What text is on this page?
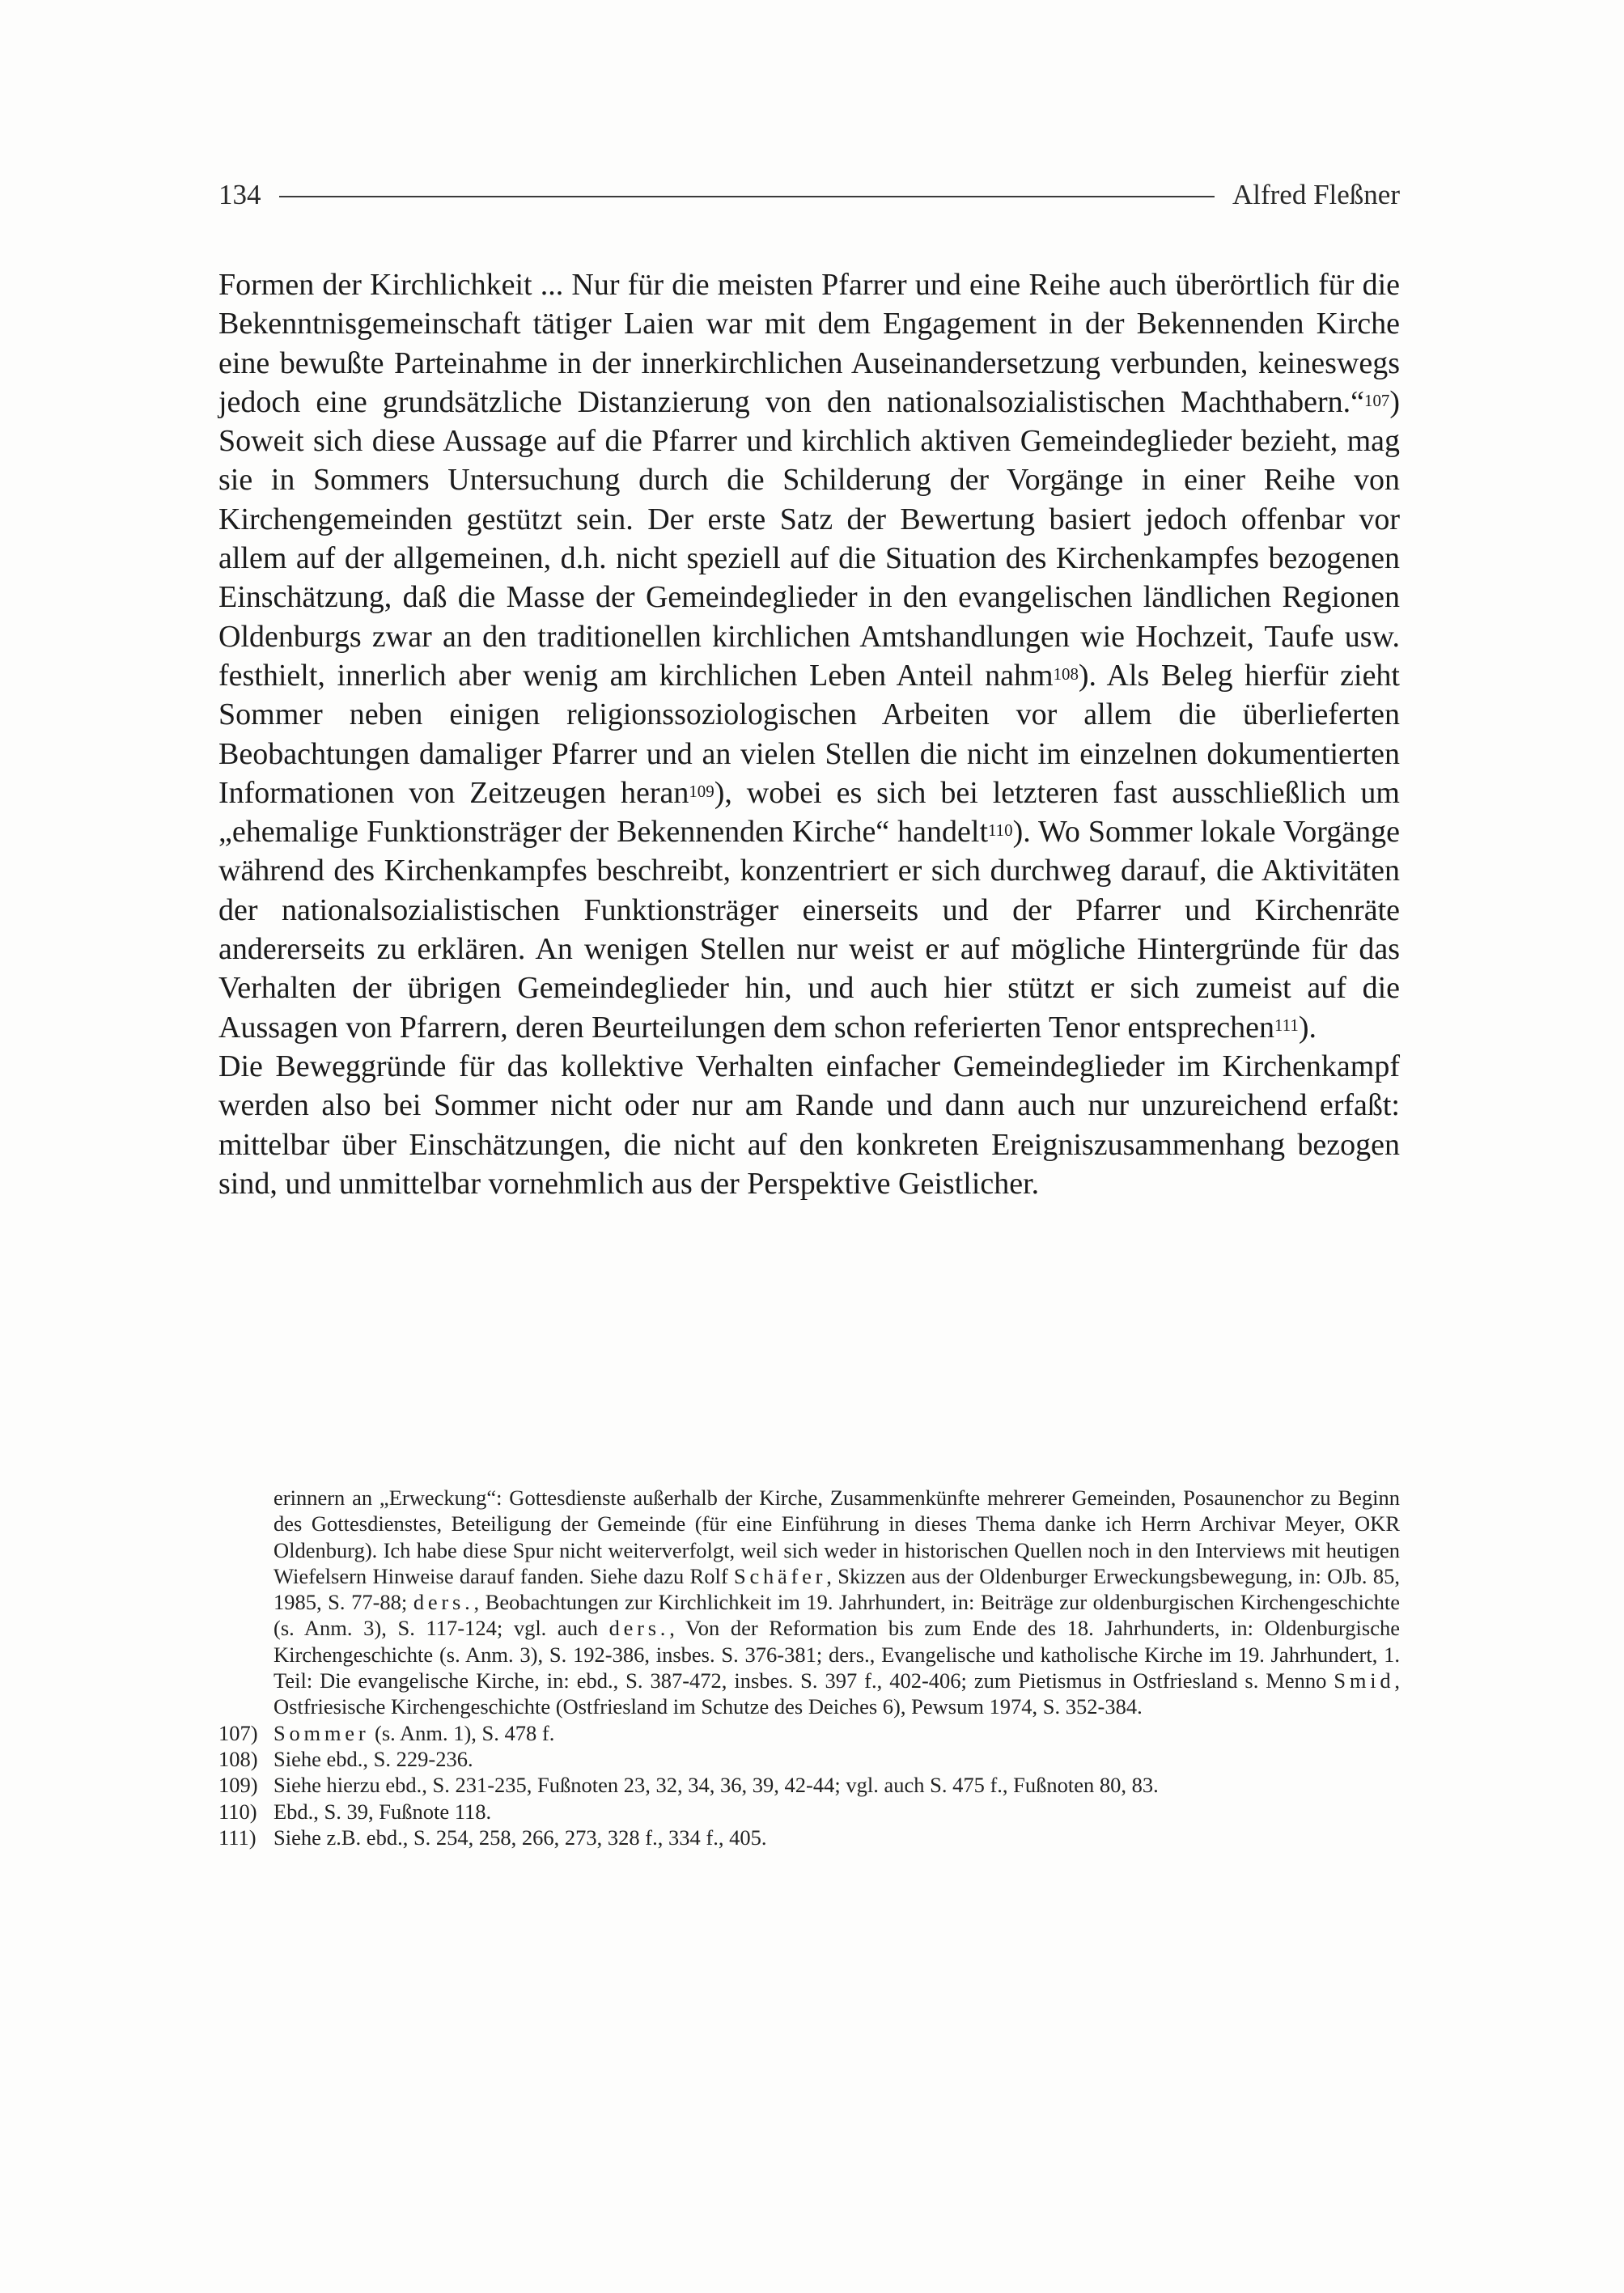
134	Alfred Fleßner

Formen der Kirchlichkeit ... Nur für die meisten Pfarrer und eine Reihe auch überörtlich für die Bekenntnisgemeinschaft tätiger Laien war mit dem Engagement in der Bekennenden Kirche eine bewußte Parteinahme in der innerkirchlichen Auseinandersetzung verbunden, keineswegs jedoch eine grundsätzliche Distanzierung von den nationalsozialistischen Machthabern.“$^{107}$) Soweit sich diese Aussage auf die Pfarrer und kirchlich aktiven Gemeindeglieder bezieht, mag sie in Sommers Untersuchung durch die Schilderung der Vorgänge in einer Reihe von Kirchengemeinden gestützt sein. Der erste Satz der Bewertung basiert jedoch offenbar vor allem auf der allgemeinen, d.h. nicht speziell auf die Situation des Kirchenkampfes bezogenen Einschätzung, daß die Masse der Gemeindeglieder in den evangelischen ländlichen Regionen Oldenburgs zwar an den traditionellen kirchlichen Amtshandlungen wie Hochzeit, Taufe usw. festhielt, innerlich aber wenig am kirchlichen Leben Anteil nahm$^{108}$). Als Beleg hierfür zieht Sommer neben einigen religionssoziologischen Arbeiten vor allem die überlieferten Beobachtungen damaliger Pfarrer und an vielen Stellen die nicht im einzelnen dokumentierten Informationen von Zeitzeugen heran$^{109}$), wobei es sich bei letzteren fast ausschließlich um „ehemalige Funktionsträger der Bekennenden Kirche“ handelt$^{110}$). Wo Sommer lokale Vorgänge während des Kirchenkampfes beschreibt, konzentriert er sich durchweg darauf, die Aktivitäten der nationalsozialistischen Funktionsträger einerseits und der Pfarrer und Kirchenräte andererseits zu erklären. An wenigen Stellen nur weist er auf mögliche Hintergründe für das Verhalten der übrigen Gemeindeglieder hin, und auch hier stützt er sich zumeist auf die Aussagen von Pfarrern, deren Beurteilungen dem schon referierten Tenor entsprechen$^{111}$).

Die Beweggründe für das kollektive Verhalten einfacher Gemeindeglieder im Kirchenkampf werden also bei Sommer nicht oder nur am Rande und dann auch nur unzureichend erfaßt: mittelbar über Einschätzungen, die nicht auf den konkreten Ereigniszusammenhang bezogen sind, und unmittelbar vornehmlich aus der Perspektive Geistlicher.

erinnern an „Erweckung“: Gottesdienste außerhalb der Kirche, Zusammenkünfte mehrerer Gemeinden, Posaunenchor zu Beginn des Gottesdienstes, Beteiligung der Gemeinde (für eine Einführung in dieses Thema danke ich Herrn Archivar Meyer, OKR Oldenburg). Ich habe diese Spur nicht weiterverfolgt, weil sich weder in historischen Quellen noch in den Interviews mit heutigen Wiefelsern Hinweise darauf fanden. Siehe dazu Rolf Schäfer, Skizzen aus der Oldenburger Erweckungsbewegung, in: OJb. 85, 1985, S. 77-88; ders., Beobachtungen zur Kirchlichkeit im 19. Jahrhundert, in: Beiträge zur oldenburgischen Kirchengeschichte (s. Anm. 3), S. 117-124; vgl. auch ders., Von der Reformation bis zum Ende des 18. Jahrhunderts, in: Oldenburgische Kirchengeschichte (s. Anm. 3), S. 192-386, insbes. S. 376-381; ders., Evangelische und katholische Kirche im 19. Jahrhundert, 1. Teil: Die evangelische Kirche, in: ebd., S. 387-472, insbes. S. 397 f., 402-406; zum Pietismus in Ostfriesland s. Menno Smid, Ostfriesische Kirchengeschichte (Ostfriesland im Schutze des Deiches 6), Pewsum 1974, S. 352-384.

107) Sommer (s. Anm. 1), S. 478 f.

108) Siehe ebd., S. 229-236.

109) Siehe hierzu ebd., S. 231-235, Fußnoten 23, 32, 34, 36, 39, 42-44; vgl. auch S. 475 f., Fußnoten 80, 83.

110) Ebd., S. 39, Fußnote 118.

111) Siehe z.B. ebd., S. 254, 258, 266, 273, 328 f., 334 f., 405.
